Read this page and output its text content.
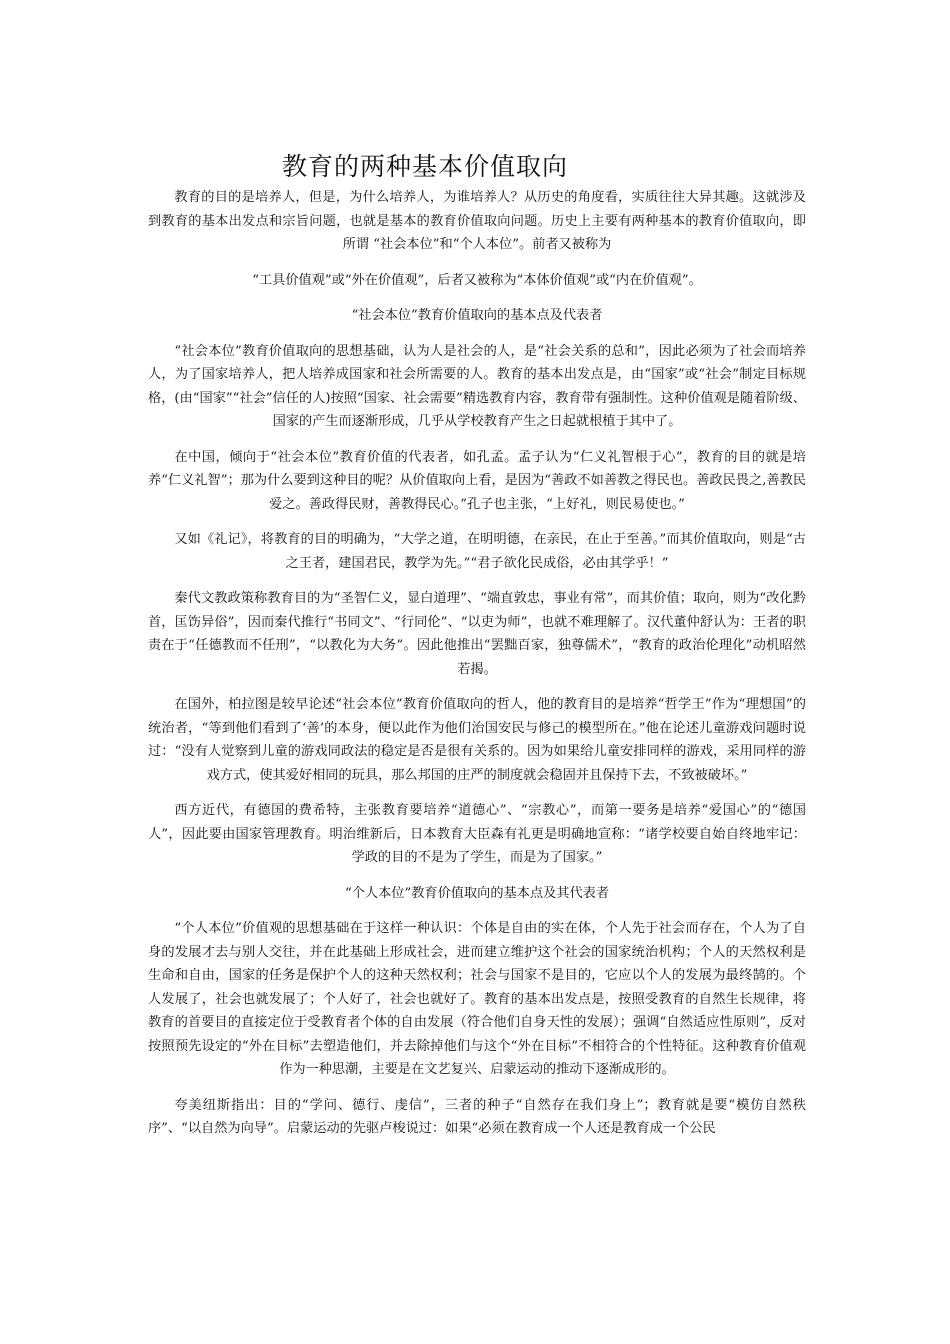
教育的两种基本价值取向

教育的目的是培养人，但是，为什么培养人，为谁培养人？从历史的角度看，实质往往大异其趣。这就涉及到教育的基本出发点和宗旨问题，也就是基本的教育价值取向问题。历史上主要有两种基本的教育价值取向，即所谓 “社会本位”和“个人本位”。前者又被称为

“工具价值观”或“外在价值观”，后者又被称为“本体价值观”或“内在价值观”。

“社会本位”教育价值取向的基本点及代表者

“社会本位”教育价值取向的思想基础，认为人是社会的人，是“社会关系的总和”，因此必须为了社会而培养人，为了国家培养人，把人培养成国家和社会所需要的人。教育的基本出发点是，由“国家”或“社会”制定目标规格，(由“国家”“社会”信任的人)按照“国家、社会需要”精选教育内容，教育带有强制性。这种价值观是随着阶级、国家的产生而逐渐形成，几乎从学校教育产生之日起就根植于其中了。

在中国，倾向于“社会本位”教育价值的代表者，如孔孟。孟子认为“仁义礼智根于心”，教育的目的就是培养“仁义礼智”；那为什么要到这种目的呢？从价值取向上看，是因为“善政不如善教之得民也。善政民畏之,善教民爱之。善政得民财，善教得民心。”孔子也主张，“上好礼，则民易使也。”

又如《礼记》，将教育的目的明确为，“大学之道，在明明德，在亲民，在止于至善。”而其价值取向，则是“古之王者，建国君民，教学为先。”“君子欲化民成俗，必由其学乎！”

秦代文教政策称教育目的为“圣智仁义，显白道理”、“端直敦忠，事业有常”，而其价值；取向，则为“改化黔首，匡饬异俗”，因而秦代推行“书同文”、“行同伦”、“以吏为师”，也就不难理解了。汉代董仲舒认为：王者的职责在于“任德教而不任刑”，“以教化为大务”。因此他推出“罢黜百家，独尊儒术”，“教育的政治伦理化”动机昭然若揭。

在国外，柏拉图是较早论述“社会本位”教育价值取向的哲人，他的教育目的是培养“哲学王”作为“理想国”的统治者，“等到他们看到了‘善’的本身，便以此作为他们治国安民与修己的模型所在。”他在论述儿童游戏问题时说过：“没有人觉察到儿童的游戏同政法的稳定是否是很有关系的。因为如果给儿童安排同样的游戏，采用同样的游戏方式，使其爱好相同的玩具，那么邦国的庄严的制度就会稳固并且保持下去，不致被破坏。”

西方近代，有德国的费希特，主张教育要培养“道德心”、“宗教心”，而第一要务是培养“爱国心”的“德国人”，因此要由国家管理教育。明治维新后，日本教育大臣森有礼更是明确地宣称：“诸学校要自始自终地牢记：学政的目的不是为了学生，而是为了国家。”

“个人本位”教育价值取向的基本点及其代表者

“个人本位”价值观的思想基础在于这样一种认识：个体是自由的实在体，个人先于社会而存在，个人为了自身的发展才去与别人交往，并在此基础上形成社会，进而建立维护这个社会的国家统治机构；个人的天然权利是生命和自由，国家的任务是保护个人的这种天然权利；社会与国家不是目的，它应以个人的发展为最终鹄的。个人发展了，社会也就发展了；个人好了，社会也就好了。教育的基本出发点是，按照受教育的自然生长规律，将教育的首要目的直接定位于受教育者个体的自由发展（符合他们自身天性的发展）；强调“自然适应性原则”，反对按照预先设定的“外在目标”去塑造他们，并去除掉他们与这个“外在目标”不相符合的个性特征。这种教育价值观作为一种思潮，主要是在文艺复兴、启蒙运动的推动下逐渐成形的。

夸美纽斯指出：目的“学问、德行、虔信”，三者的种子“自然存在我们身上”；教育就是要“模仿自然秩序”、“以自然为向导”。启蒙运动的先驱卢梭说过：如果“必须在教育成一个人还是教育成一个公民
